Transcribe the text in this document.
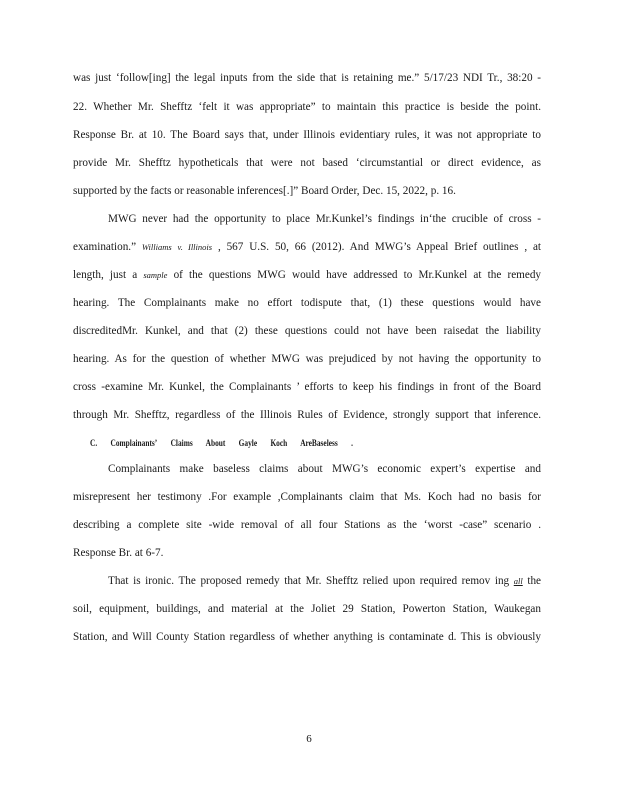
was just ‘follow[ing] the legal inputs from the side that is retaining me.” 5/17/23 NDI Tr., 38:20 -
22. Whether Mr. Shefftz ‘felt it was appropriate” to maintain this practice is beside the point.
Response Br. at 10. The Board says that, under Illinois evidentiary rules, it was not appropriate to
provide Mr. Shefftz hypotheticals that were not based ‘circumstantial or direct evidence, as
supported by the facts or reasonable inferences[.]” Board Order, Dec. 15, 2022, p. 16.
MWG never had the opportunity to place Mr.Kunkel’s findings in‘the crucible of cross -
examination.” Williams v. Illinois , 567 U.S. 50, 66 (2012). And MWG’s Appeal Brief outlines , at
length, just a sample of the questions MWG would have addressed to Mr.Kunkel at the remedy
hearing. The Complainants make no effort todispute that, (1) these questions would have
discreditedMr. Kunkel, and that (2) these questions could not have been raisedat the liability
hearing. As for the question of whether MWG was prejudiced by not having the opportunity to
cross -examine Mr. Kunkel, the Complainants ’ efforts to keep his findings in front of the Board
through Mr. Shefftz, regardless of the Illinois Rules of Evidence, strongly support that inference.
C. Complainants’ Claims About Gayle Koch AreBaseless .
Complainants make baseless claims about MWG’s economic expert’s expertise and
misrepresent her testimony .For example ,Complainants claim that Ms. Koch had no basis for
describing a complete site -wide removal of all four Stations as the ‘worst -case” scenario .
Response Br. at 6-7.
That is ironic. The proposed remedy that Mr. Shefftz relied upon required remov ing all the
soil, equipment, buildings, and material at the Joliet 29 Station, Powerton Station, Waukegan
Station, and Will County Station regardless of whether anything is contaminate d. This is obviously
6
